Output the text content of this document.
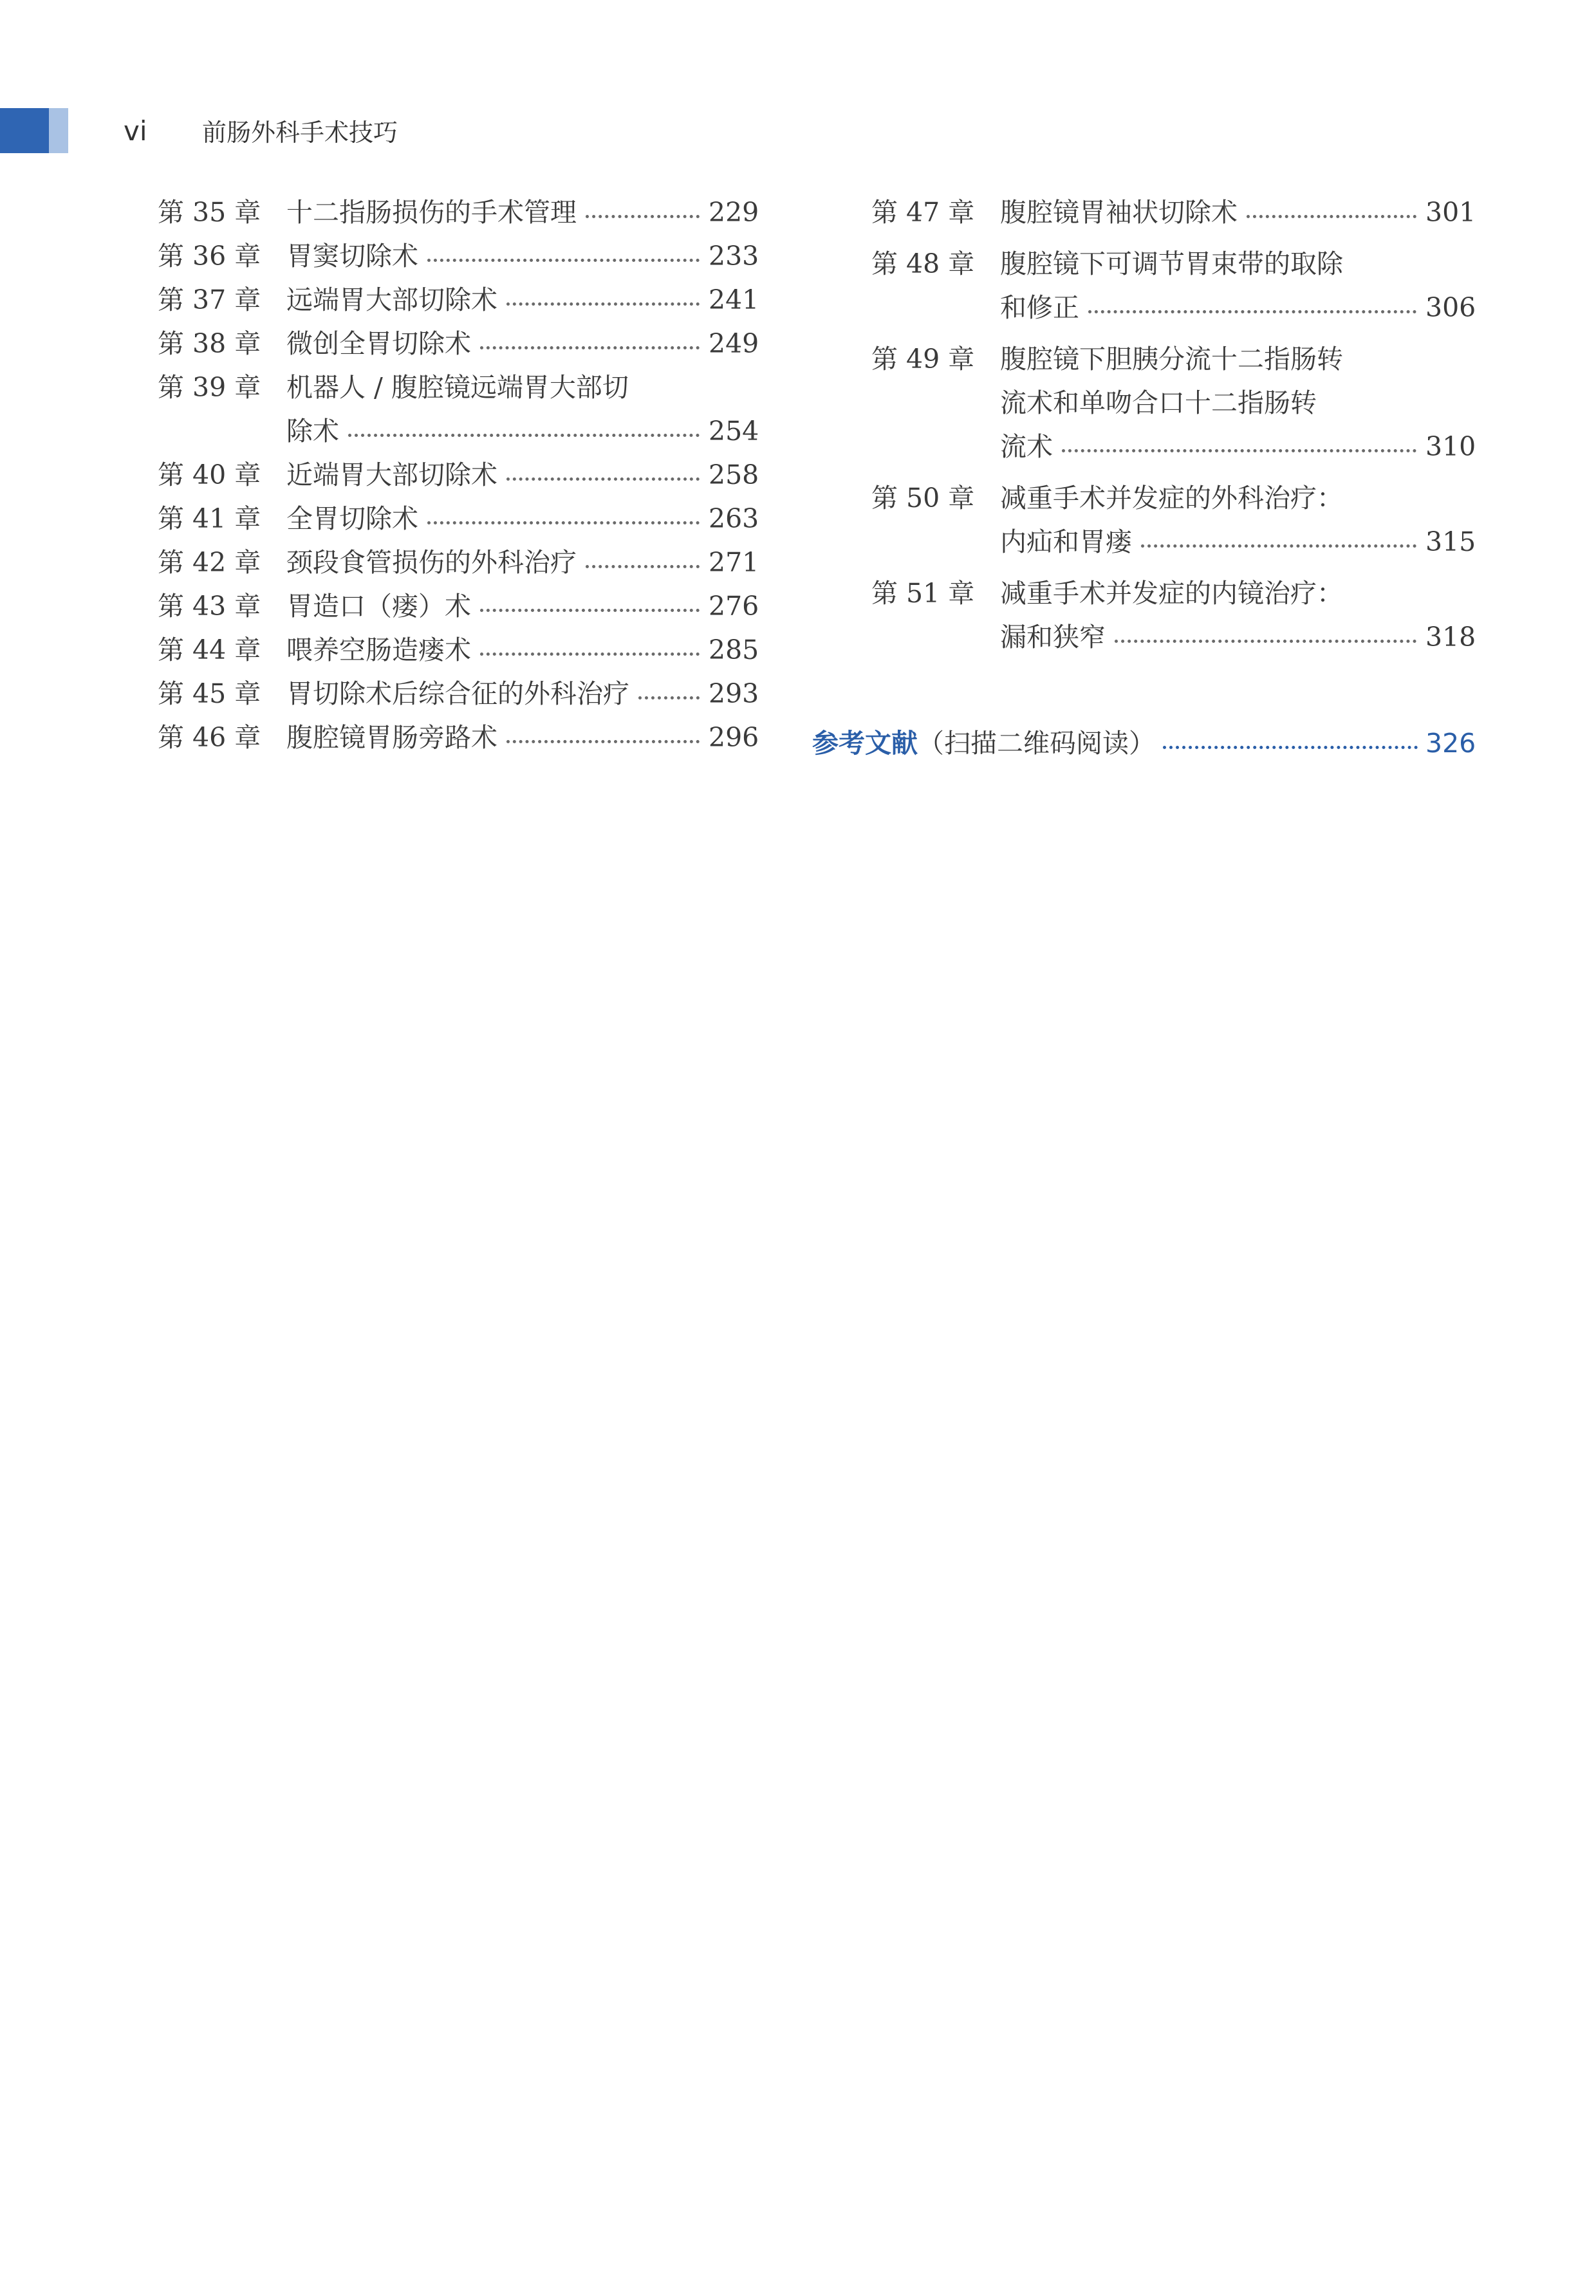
vi 前肠外科手术技巧
第 35 章 十二指肠损伤的手术管理	229
第 36 章 胃窦切除术	233
第 37 章 远端胃大部切除术	241
第 38 章 微创全胃切除术	249
第 39 章 机器人 / 腹腔镜远端胃大部切
除术	254
第 40 章 近端胃大部切除术	258
第 41 章 全胃切除术	263
第 42 章 颈段食管损伤的外科治疗	271
第 43 章 胃造口（瘘）术	276
第 44 章 喂养空肠造瘘术	285
第 45 章 胃切除术后综合征的外科治疗	293
第 46 章 腹腔镜胃肠旁路术	296
第 47 章 腹腔镜胃袖状切除术	301
第 48 章 腹腔镜下可调节胃束带的取除
和修正	306
第 49 章 腹腔镜下胆胰分流十二指肠转
流术和单吻合口十二指肠转
流术	310
第 50 章 减重手术并发症的外科治疗：
内疝和胃瘘	315
第 51 章 减重手术并发症的内镜治疗：
漏和狭窄	318
参考文献 （扫描二维码阅读）	326
